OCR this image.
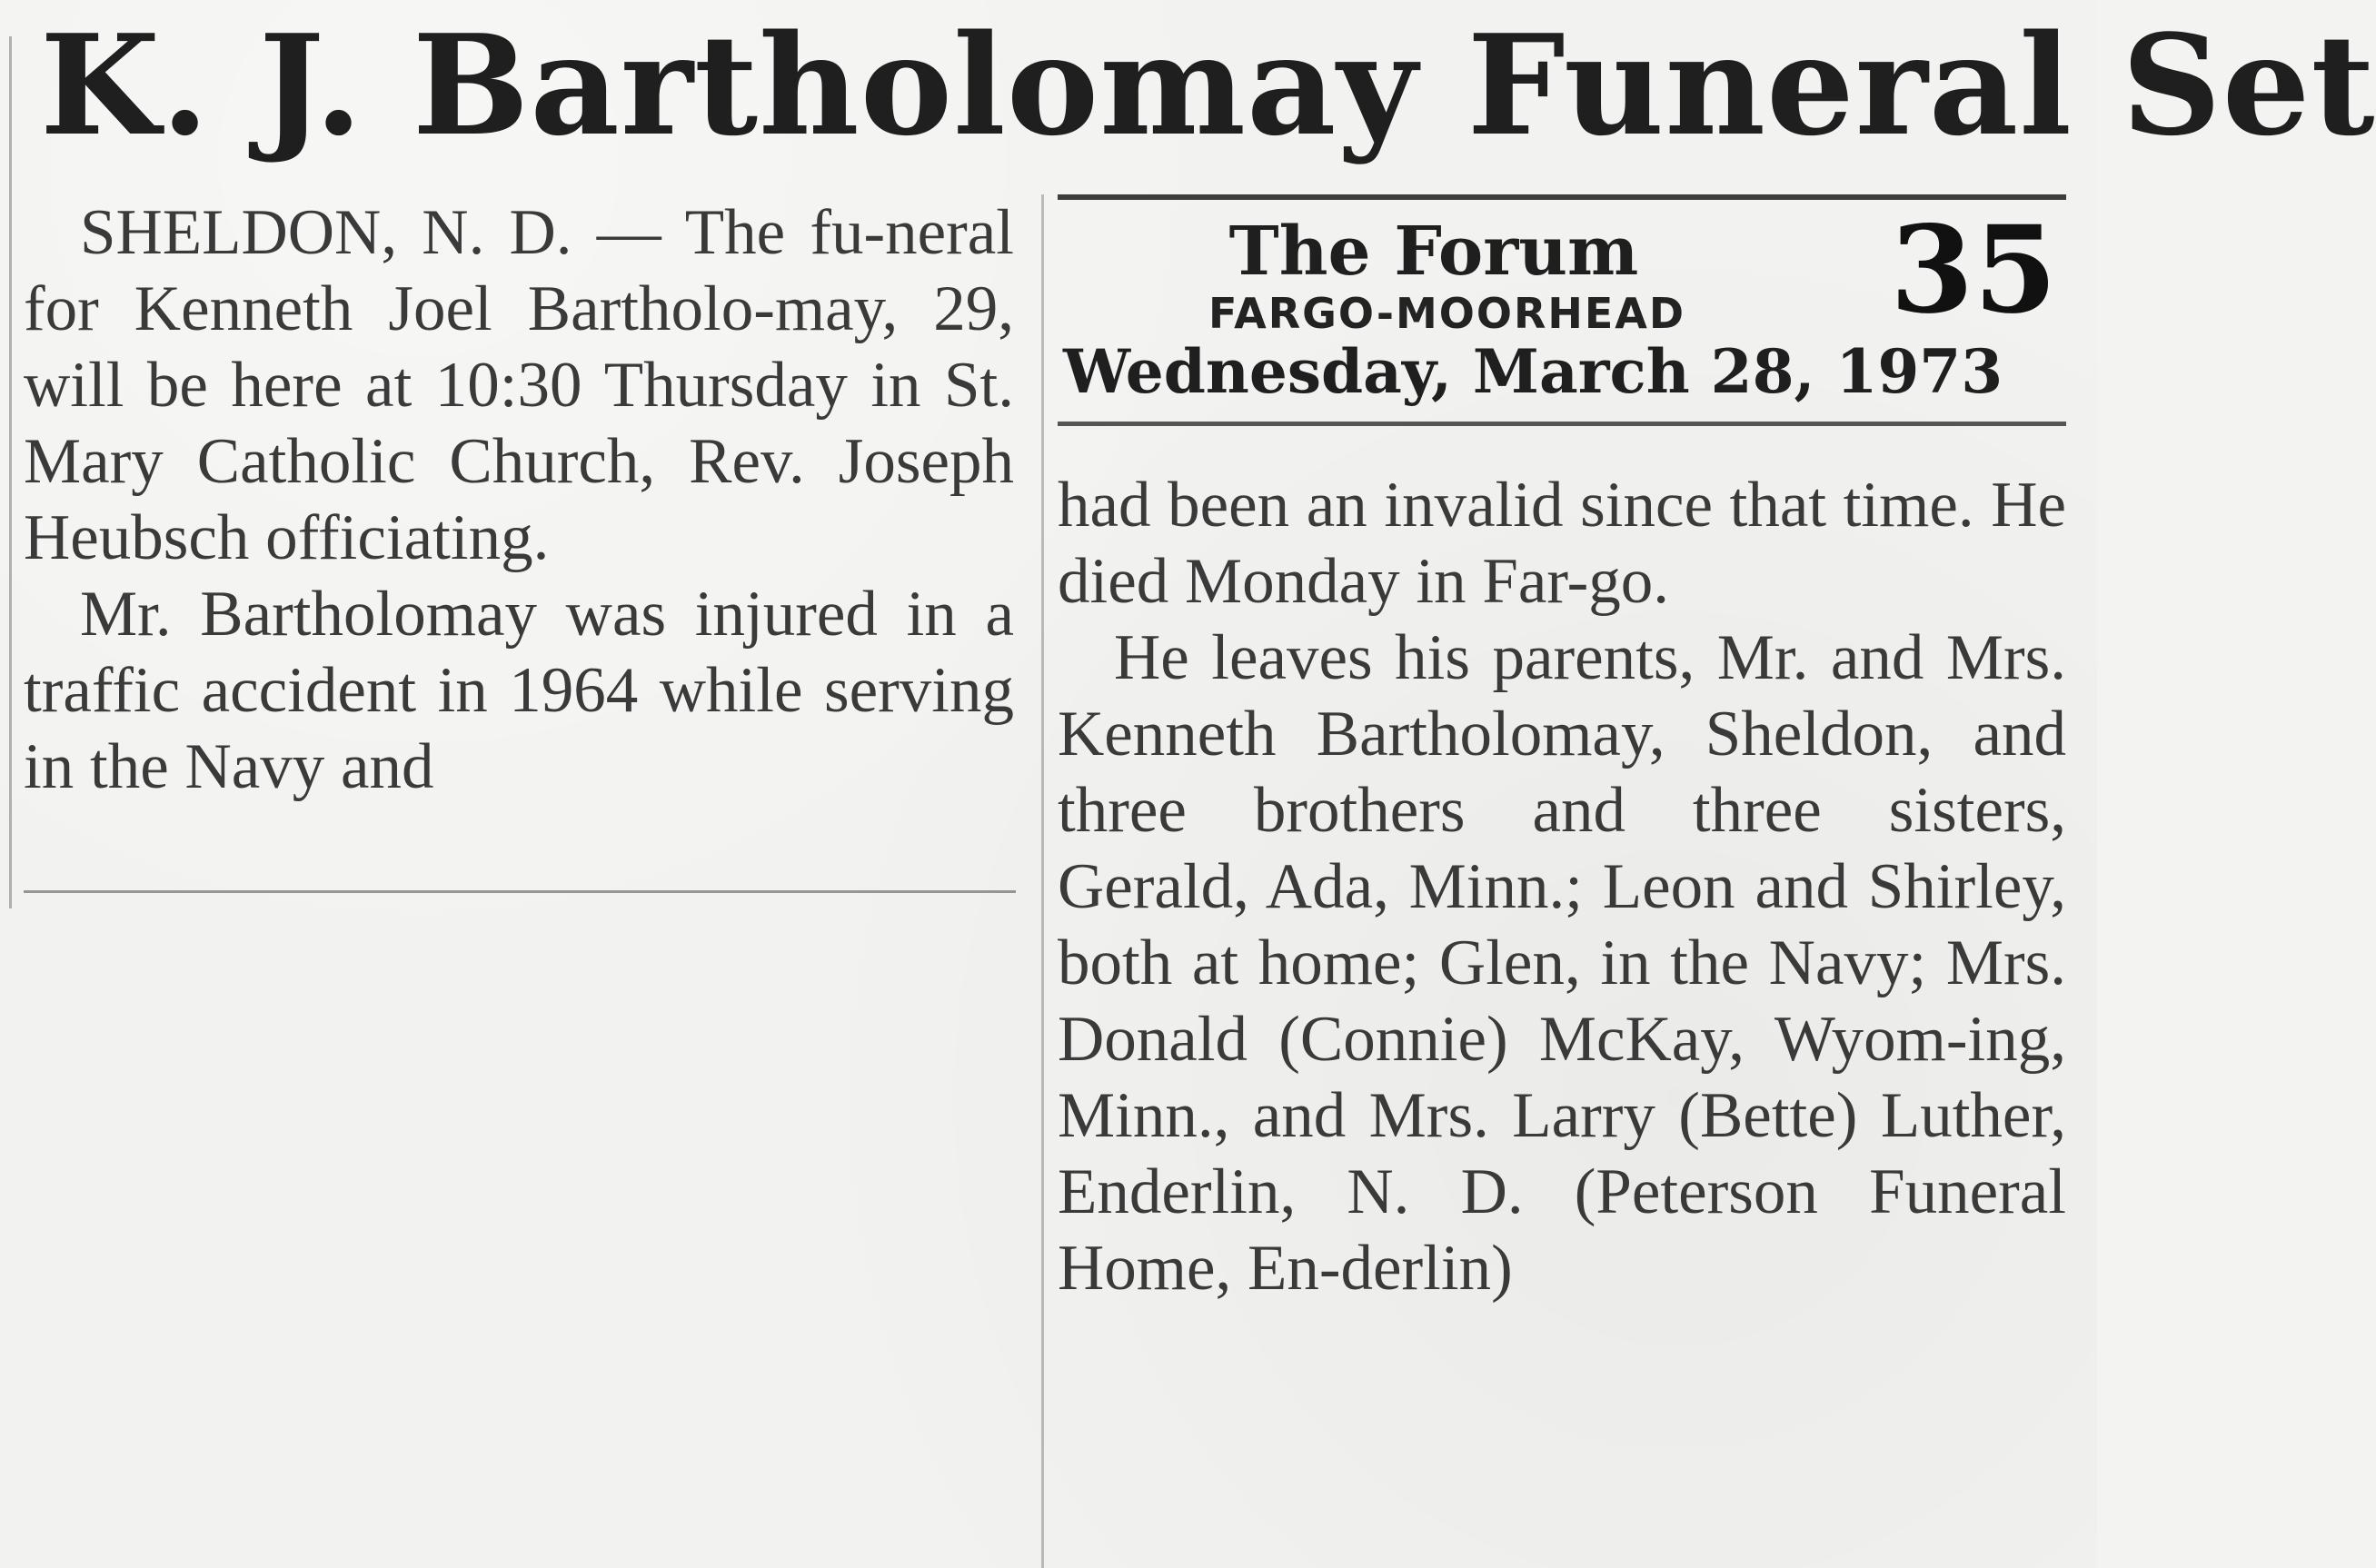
K. J. Bartholomay Funeral Set

SHELDON, N. D. — The fu-neral for Kenneth Joel Bartholo-may, 29, will be here at 10:30 Thursday in St. Mary Catholic Church, Rev. Joseph Heubsch officiating.

Mr. Bartholomay was injured in a traffic accident in 1964 while serving in the Navy and

The Forum
FARGO-MOORHEAD
Wednesday, March 28, 1973
35

had been an invalid since that time. He died Monday in Far-go.

He leaves his parents, Mr. and Mrs. Kenneth Bartholomay, Sheldon, and three brothers and three sisters, Gerald, Ada, Minn.; Leon and Shirley, both at home; Glen, in the Navy; Mrs. Donald (Connie) McKay, Wyom-ing, Minn., and Mrs. Larry (Bette) Luther, Enderlin, N. D. (Peterson Funeral Home, En-derlin)
